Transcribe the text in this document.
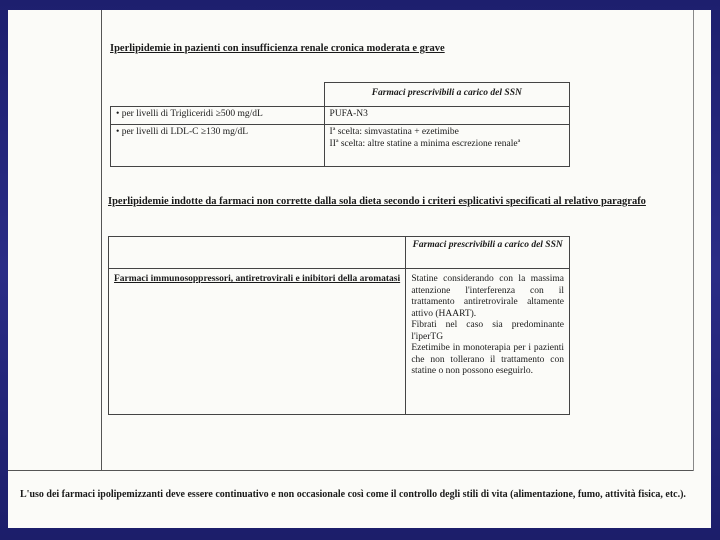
Iperlipidemie in pazienti con insufficienza renale cronica moderata e grave
	Farmaci prescrivibili a carico del SSN
• per livelli di Trigliceridi ≥500 mg/dL	PUFA-N3
• per livelli di LDL-C ≥130 mg/dL	Iª scelta: simvastatina + ezetimibe
IIª scelta: altre statine a minima escrezione renaleª
Iperlipidemie indotte da farmaci non corrette dalla sola dieta secondo i criteri esplicativi specificati al relativo paragrafo
	Farmaci prescrivibili a carico del SSN
Farmaci immunosoppressori, antiretrovirali e inibitori della aromatasi	Statine considerando con la massima attenzione l'interferenza con il trattamento antiretrovirale altamente attivo (HAART).
Fibrati nel caso sia predominante l'iperTG
Ezetimibe in monoterapia per i pazienti che non tollerano il trattamento con statine o non possono eseguirlo.
L'uso dei farmaci ipolipemizzanti deve essere continuativo e non occasionale così come il controllo degli stili di vita (alimentazione, fumo, attività fisica, etc.).
